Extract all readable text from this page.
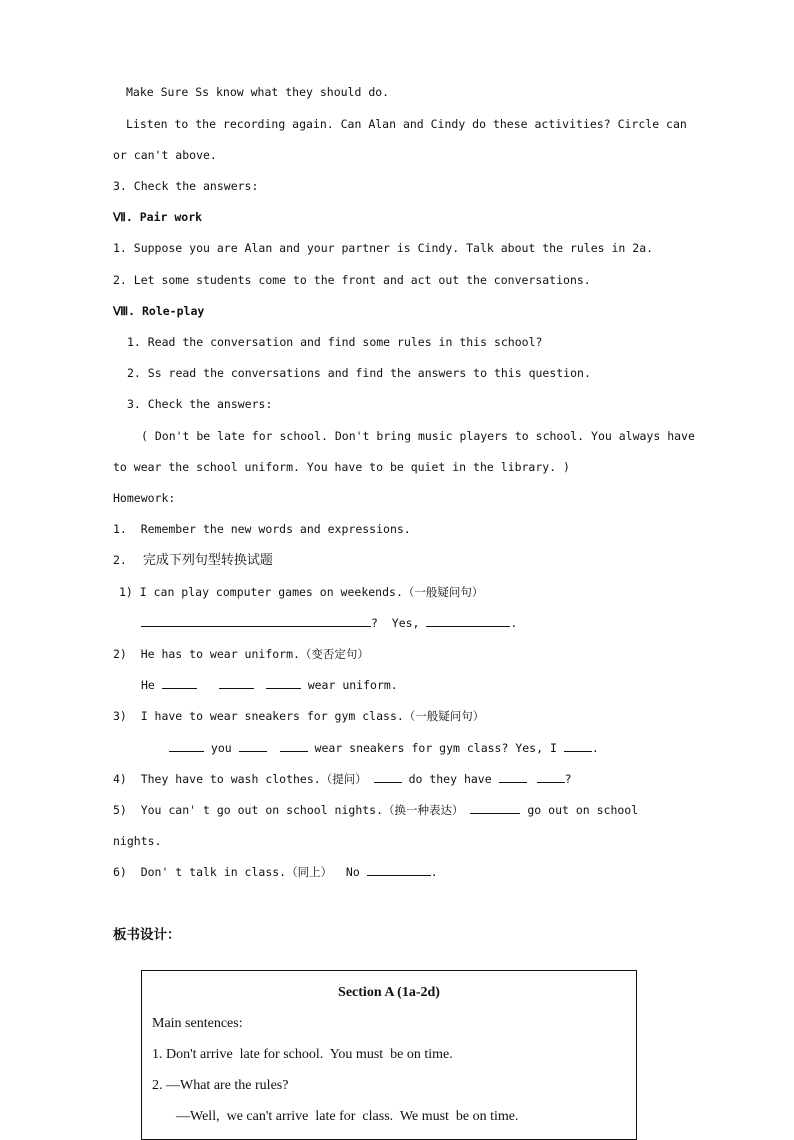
Make Sure Ss know what they should do.
Listen to the recording again. Can Alan and Cindy do these activities? Circle can
or can't above.
3. Check the answers:
Ⅶ. Pair work
1. Suppose you are Alan and your partner is Cindy. Talk about the rules in 2a.
2. Let some students come to the front and act out the conversations.
Ⅷ. Role-play
1. Read the conversation and find some rules in this school?
2. Ss read the conversations and find the answers to this question.
3. Check the answers:
( Don't be late for school. Don't bring music players to school. You always have
to wear the school uniform. You have to be quiet in the library. )
Homework:
1.  Remember the new words and expressions.
2. 完成下列句型转换试题
1) I can play computer games on weekends.（一般疑问句）
?  Yes,	.
2)  He has to wear uniform.（变否定句）
He	wear uniform.
3)  I have to wear sneakers for gym class.（一般疑问句）
you	wear sneakers for gym class? Yes, I .
4)  They have to wash clothes.（提问）  do they have	?
5)  You can' t go out on school nights.（换一种表达）	go out on school
nights.
6)  Don' t talk in class.（同上）  No	.
板书设计：
Section A (1a-2d)
Main sentences:
1. Don't arrive  late for school.  You must  be on time.
2. —What are the rules?
—Well,  we can't arrive  late for  class.  We must  be on time.
